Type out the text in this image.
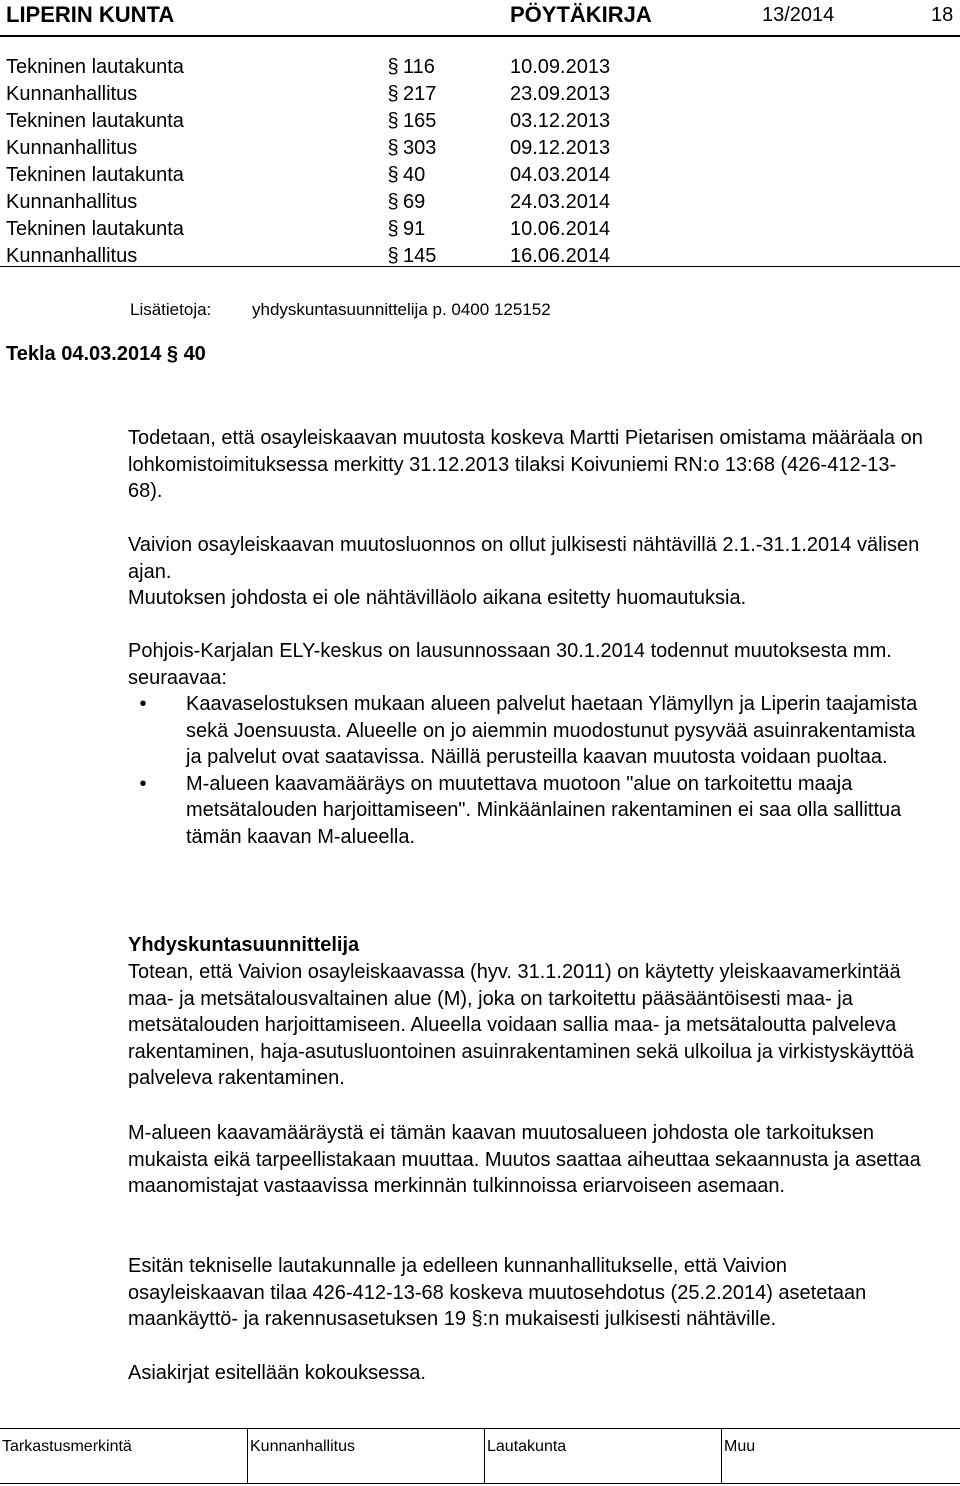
LIPERIN KUNTA	PÖYTÄKIRJA	13/2014	18
Tekninen lautakunta	§ 116	10.09.2013
Kunnanhallitus	§ 217	23.09.2013
Tekninen lautakunta	§ 165	03.12.2013
Kunnanhallitus	§ 303	09.12.2013
Tekninen lautakunta	§ 40	04.03.2014
Kunnanhallitus	§ 69	24.03.2014
Tekninen lautakunta	§ 91	10.06.2014
Kunnanhallitus	§ 145	16.06.2014
Lisätietoja: yhdyskuntasuunnittelija p. 0400 125152
Tekla 04.03.2014 § 40
Todetaan, että osayleiskaavan muutosta koskeva Martti Pietarisen omistama määräala on lohkomistoimituksessa merkitty 31.12.2013 tilaksi Koivuniemi RN:o 13:68 (426-412-13-68).
Vaivion osayleiskaavan muutosluonnos on ollut julkisesti nähtävillä 2.1.-31.1.2014 välisen ajan.
Muutoksen johdosta ei ole nähtävilläolo aikana esitetty huomautuksia.
Pohjois-Karjalan ELY-keskus on lausunnossaan 30.1.2014 todennut muutoksesta mm. seuraavaa:
•	Kaavaselostuksen mukaan alueen palvelut haetaan Ylämyllyn ja Liperin taajamista sekä Joensuusta. Alueelle on jo aiemmin muodostunut pysyvää asuinrakentamista ja palvelut ovat saatavissa. Näillä perusteilla kaavan muutosta voidaan puoltaa.
•	M-alueen kaavamääräys on muutettava muotoon "alue on tarkoitettu maaja metsätalouden harjoittamiseen". Minkäänlainen rakentaminen ei saa olla sallittua tämän kaavan M-alueella.
Yhdyskuntasuunnittelija
Totean, että Vaivion osayleiskaavassa (hyv. 31.1.2011) on käytetty yleiskaavamerkintää maa- ja metsätalousvaltainen alue (M), joka on tarkoitettu pääsääntöisesti maa- ja metsätalouden harjoittamiseen. Alueella voidaan sallia maa- ja metsätaloutta palveleva rakentaminen, haja-asutusluontoinen asuinrakentaminen sekä ulkoilua ja virkistyskäyttöä palveleva rakentaminen.
M-alueen kaavamääräystä ei tämän kaavan muutosalueen johdosta ole tarkoituksen mukaista eikä tarpeellistakaan muuttaa. Muutos saattaa aiheuttaa sekaannusta ja asettaa maanomistajat vastaavissa merkinnän tulkinnoissa eriarvoiseen asemaan.
Esitän tekniselle lautakunnalle ja edelleen kunnanhallitukselle, että Vaivion osayleiskaavan tilaa 426-412-13-68 koskeva muutosehdotus (25.2.2014) asetetaan maankäyttö- ja rakennusasetuksen 19 §:n mukaisesti julkisesti nähtäville.
Asiakirjat esitellään kokouksessa.
Tarkastusmerkintä	Kunnanhallitus	Lautakunta	Muu
